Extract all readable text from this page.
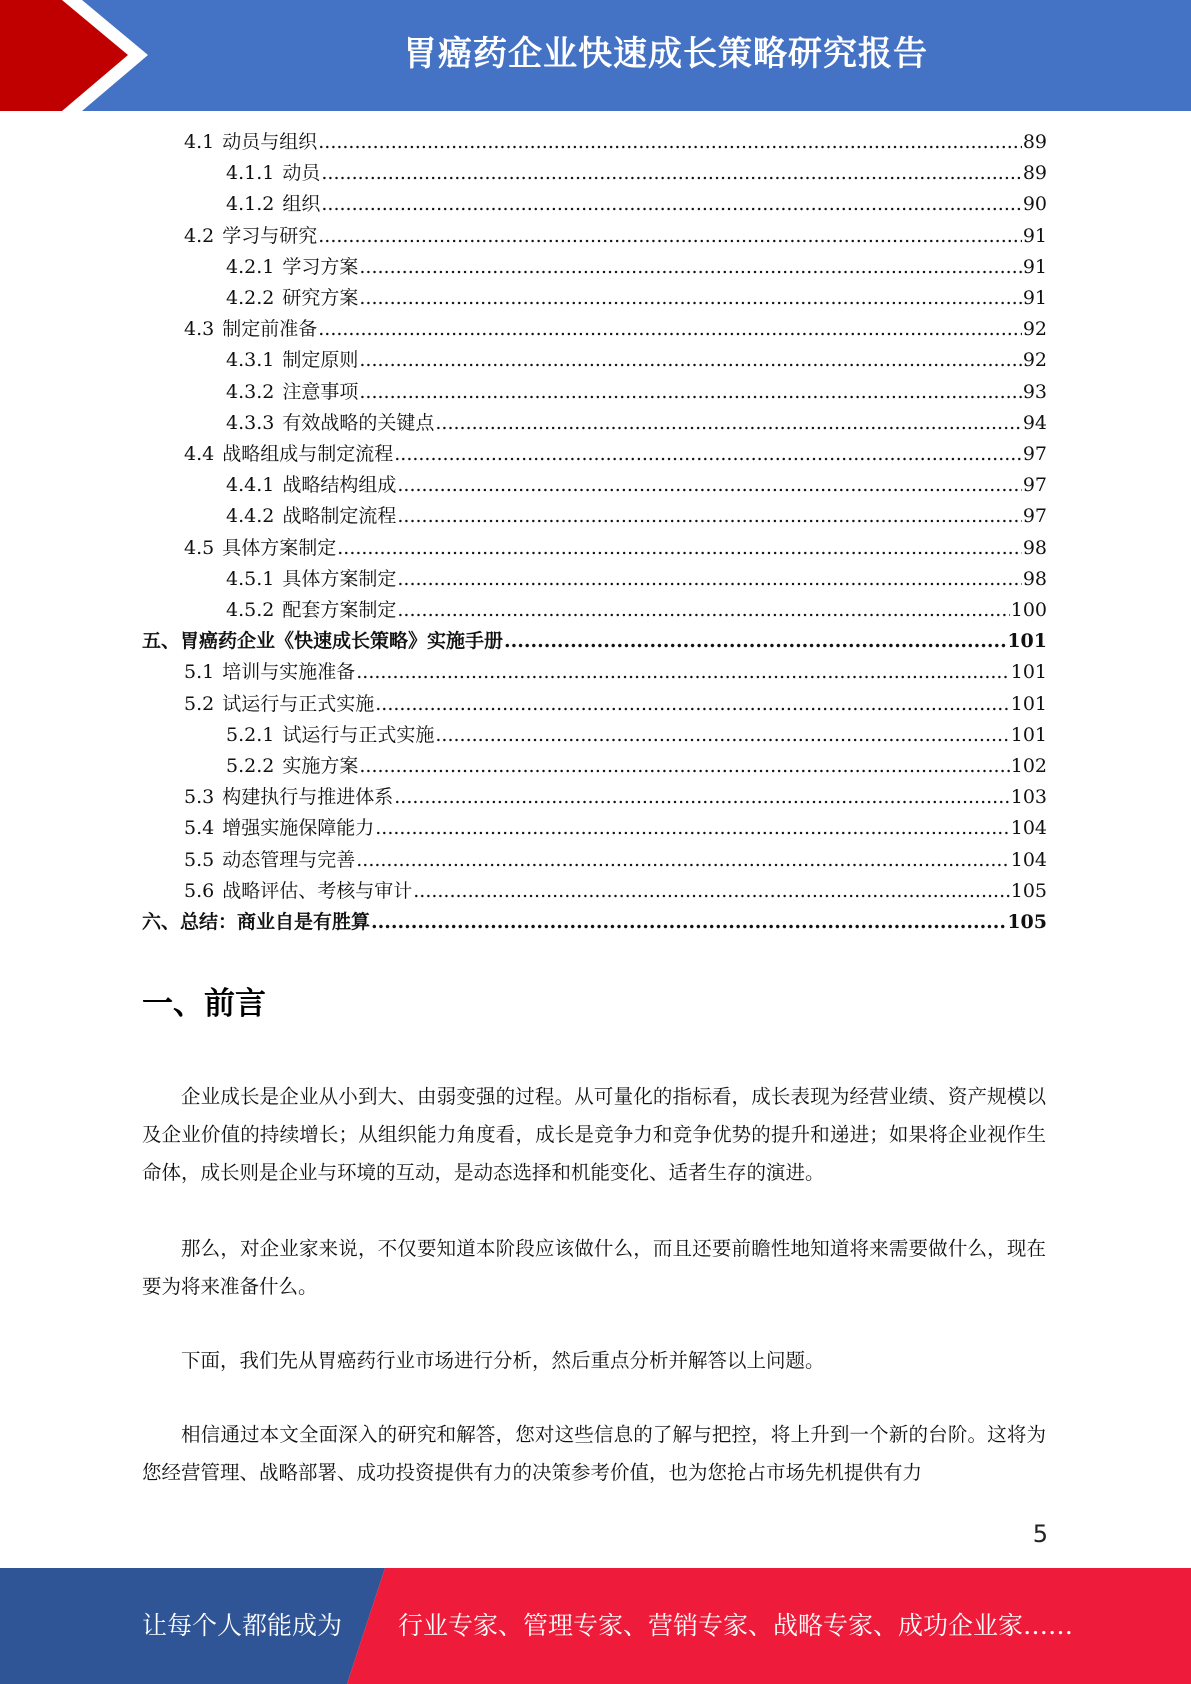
胃癌药企业快速成长策略研究报告
4.1 动员与组织 .....	89
4.1.1 动员 .....	89
4.1.2 组织 .....	90
4.2 学习与研究 .....	91
4.2.1 学习方案 .....	91
4.2.2 研究方案 .....	91
4.3 制定前准备 .....	92
4.3.1 制定原则 .....	92
4.3.2 注意事项 .....	93
4.3.3 有效战略的关键点 .....	94
4.4 战略组成与制定流程 .....	97
4.4.1 战略结构组成 .....	97
4.4.2 战略制定流程 .....	97
4.5 具体方案制定 .....	98
4.5.1 具体方案制定 .....	98
4.5.2 配套方案制定 .....	100
五、胃癌药企业《快速成长策略》实施手册 .....	101
5.1 培训与实施准备 .....	101
5.2 试运行与正式实施 .....	101
5.2.1 试运行与正式实施 .....	101
5.2.2 实施方案 .....	102
5.3 构建执行与推进体系 .....	103
5.4 增强实施保障能力 .....	104
5.5 动态管理与完善 .....	104
5.6 战略评估、考核与审计 .....	105
六、总结：商业自是有胜算 .....	105
一、前言
企业成长是企业从小到大、由弱变强的过程。从可量化的指标看，成长表现为经营业绩、资产规模以及企业价值的持续增长；从组织能力角度看，成长是竞争力和竞争优势的提升和递进；如果将企业视作生命体，成长则是企业与环境的互动，是动态选择和机能变化、适者生存的演进。
那么，对企业家来说，不仅要知道本阶段应该做什么，而且还要前瞻性地知道将来需要做什么，现在要为将来准备什么。
下面，我们先从胃癌药行业市场进行分析，然后重点分析并解答以上问题。
相信通过本文全面深入的研究和解答，您对这些信息的了解与把控，将上升到一个新的台阶。这将为您经营管理、战略部署、成功投资提供有力的决策参考价值，也为您抢占市场先机提供有力
5
让每个人都能成为 行业专家、管理专家、营销专家、战略专家、成功企业家……
